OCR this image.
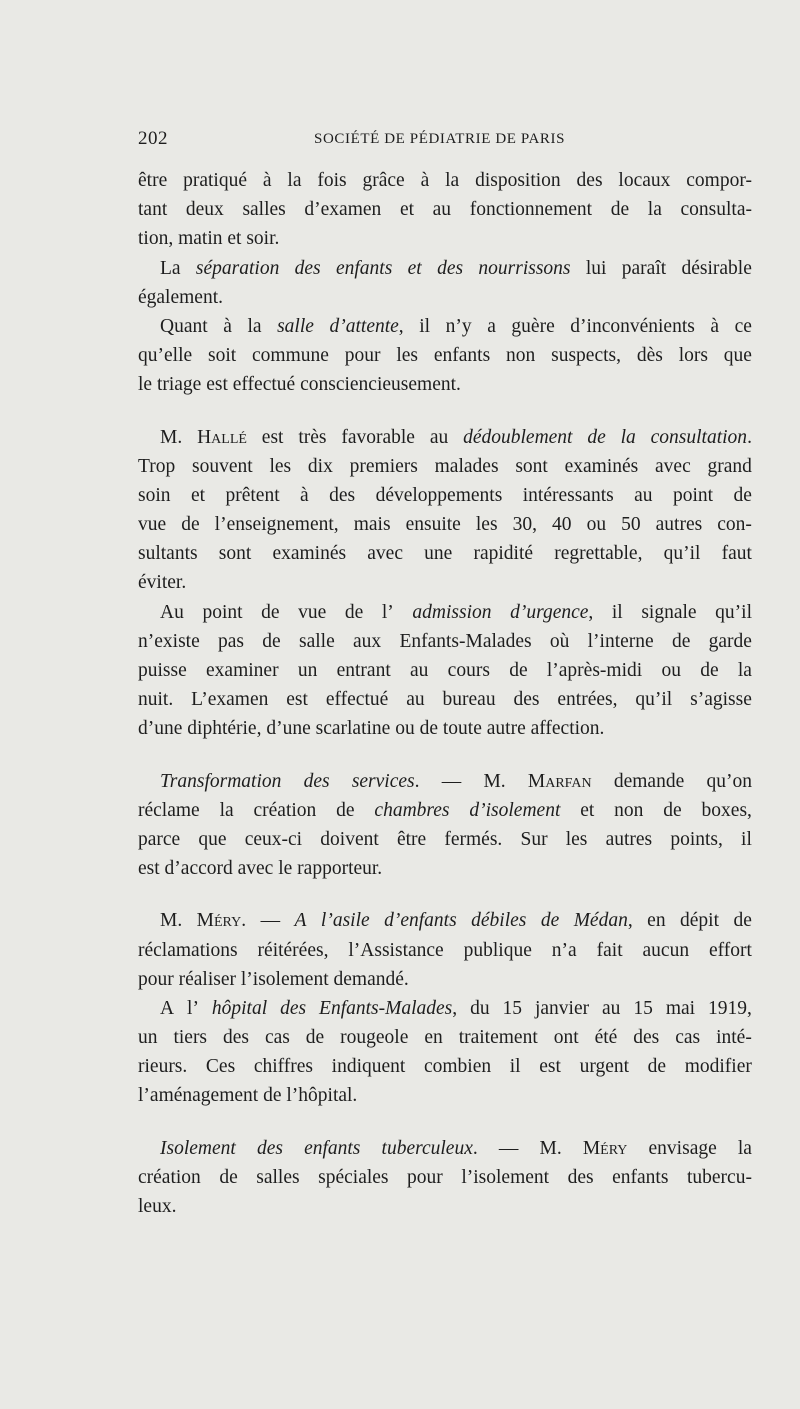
202	SOCIÉTÉ DE PÉDIATRIE DE PARIS
être pratiqué à la fois grâce à la disposition des locaux compor-
tant deux salles d’examen et au fonctionnement de la consulta-
tion,
matin
et
soir.
La séparation des enfants et des nourrissons lui paraît désirable
également.
Quant à la salle d’attente, il n’y a guère d’inconvénients à ce
qu’elle soit commune pour les enfants non suspects, dès lors que
le
triage
est
effectué
consciencieusement.
M. Hallé est très favorable au dédoublement de la consultation.
Trop souvent les dix premiers malades sont examinés avec grand
soin et prêtent à des développements intéressants au point de
vue de l’enseignement, mais ensuite les 30, 40 ou 50 autres con-
sultants sont examinés avec une rapidité regrettable, qu’il faut
éviter.
Au point de vue de l’ admission d’urgence, il signale qu’il
n’existe pas de salle aux Enfants-Malades où l’interne de garde
puisse examiner un entrant au cours de l’après-midi ou de la
nuit. L’examen est effectué au bureau des entrées, qu’il s’agisse
d’une
diphtérie,
d’une
scarlatine
ou
de
toute
autre
affection.
Transformation des services. — M. Marfan demande qu’on
réclame la création de chambres d’isolement et non de boxes,
parce que ceux-ci doivent être fermés. Sur les autres points, il
est
d’accord
avec
le
rapporteur.
M. Méry. — A l’asile d’enfants débiles de Médan, en dépit de
réclamations réitérées, l’Assistance publique n’a fait aucun effort
pour
réaliser
l’isolement
demandé.
A l’ hôpital des Enfants-Malades, du 15 janvier au 15 mai 1919,
un tiers des cas de rougeole en traitement ont été des cas inté-
rieurs. Ces chiffres indiquent combien il est urgent de modifier
l’aménagement
de
l’hôpital.
Isolement des enfants tuberculeux. — M. Méry envisage la
création de salles spéciales pour l’isolement des enfants tubercu-
leux.
